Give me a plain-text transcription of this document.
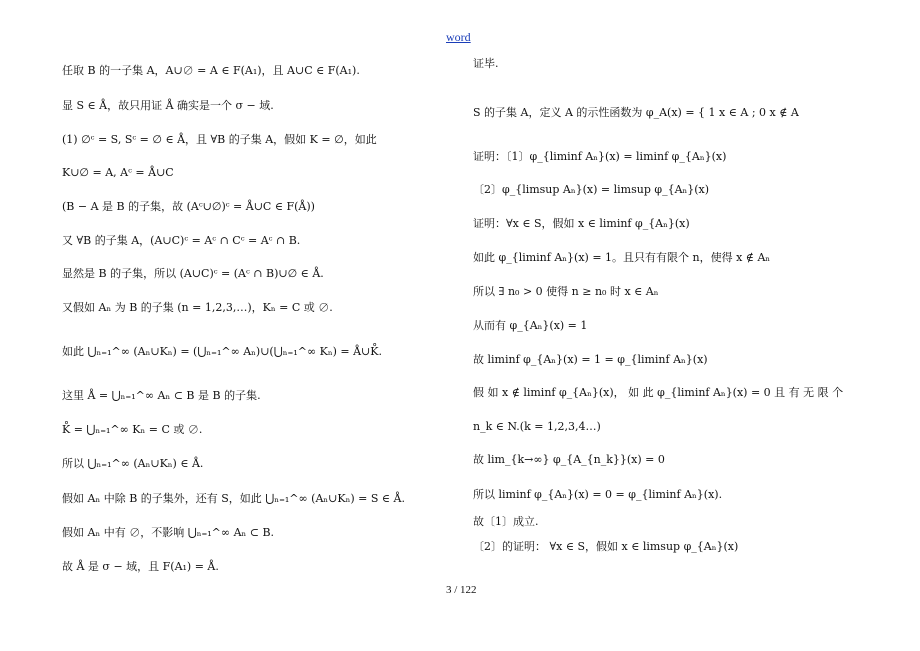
word
任取 B 的一子集 A，A∪∅ = A ∈ F(A₁)，且 A∪C ∈ F(A₁).
显 S ∈ Å，故只用证 Å 确实是一个 σ − 域.
(1) ∅ᶜ = S, Sᶜ = ∅ ∈ Å，且 ∀B 的子集 A，假如 K = ∅，如此
K∪∅ = A, Aᶜ = Å∪C
(B − A 是 B 的子集，故 (Aᶜ∪∅)ᶜ = Å∪C ∈ F(Å))
又 ∀B 的子集 A，(A∪C)ᶜ = Aᶜ ∩ Cᶜ = Aᶜ ∩ B.
显然是 B 的子集，所以 (A∪C)ᶜ = (Aᶜ ∩ B)∪∅ ∈ Å.
又假如 Aₙ 为 B 的子集 (n = 1,2,3,…)，Kₙ = C 或 ∅.
如此 ⋃ₙ₌₁^∞ (Aₙ∪Kₙ) = (⋃ₙ₌₁^∞ Aₙ)∪(⋃ₙ₌₁^∞ Kₙ) = Å∪K̊.
这里 Å = ⋃ₙ₌₁^∞ Aₙ ⊂ B 是 B 的子集.
K̊ = ⋃ₙ₌₁^∞ Kₙ = C 或 ∅.
所以 ⋃ₙ₌₁^∞ (Aₙ∪Kₙ) ∈ Å.
假如 Aₙ 中除 B 的子集外，还有 S，如此 ⋃ₙ₌₁^∞ (Aₙ∪Kₙ) = S ∈ Å.
假如 Aₙ 中有 ∅，不影响 ⋃ₙ₌₁^∞ Aₙ ⊂ B.
故 Å 是 σ − 域，且 F(A₁) = Å.
证毕.
S 的子集 A，定义 A 的示性函数为 φ_A(x) = { 1 x ∈ A ; 0 x ∉ A
证明：〔1〕φ_{liminf Aₙ}(x) = liminf φ_{Aₙ}(x)
〔2〕φ_{limsup Aₙ}(x) = limsup φ_{Aₙ}(x)
证明：∀x ∈ S，假如 x ∈ liminf φ_{Aₙ}(x)
如此 φ_{liminf Aₙ}(x) = 1。且只有有限个 n，使得 x ∉ Aₙ
所以 ∃ n₀ > 0 使得 n ≥ n₀ 时 x ∈ Aₙ
从而有 φ_{Aₙ}(x) = 1
故 liminf φ_{Aₙ}(x) = 1 = φ_{liminf Aₙ}(x)
假 如 x ∉ liminf φ_{Aₙ}(x)， 如 此 φ_{liminf Aₙ}(x) = 0 且 有 无 限 个
n_k ∈ N.(k = 1,2,3,4…)
故 lim_{k→∞} φ_{A_{n_k}}(x) = 0
所以 liminf φ_{Aₙ}(x) = 0 = φ_{liminf Aₙ}(x).
故〔1〕成立.
〔2〕的证明： ∀x ∈ S，假如 x ∈ limsup φ_{Aₙ}(x)
3 / 122
